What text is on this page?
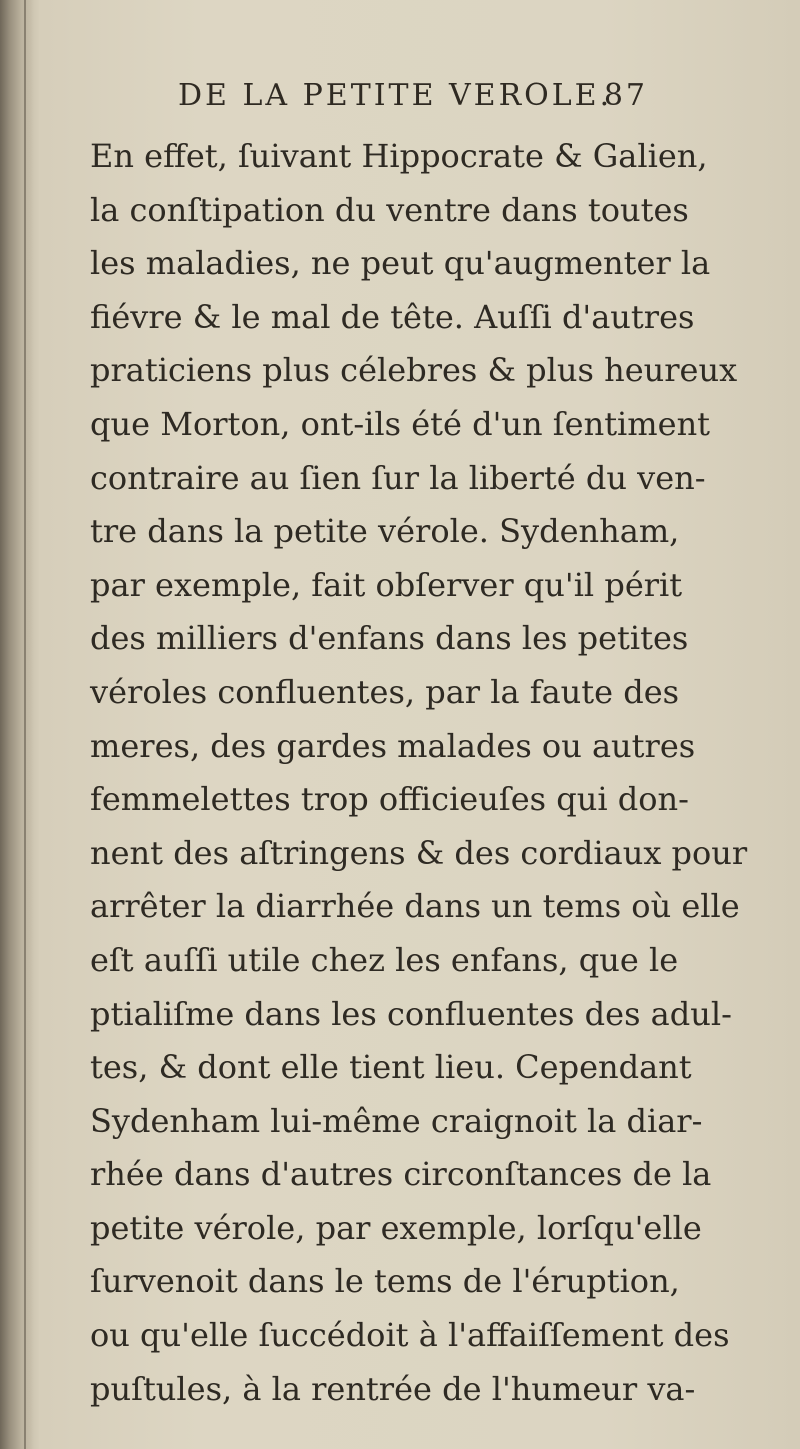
DE LA PETITE VEROLE.
87
En effet, ſuivant Hippocrate & Galien,
la conſtipation du ventre dans toutes
les maladies, ne peut qu'augmenter la
fiévre & le mal de tête. Auſſi d'autres
praticiens plus célebres & plus heureux
que Morton, ont-ils été d'un ſentiment
contraire au ſien ſur la liberté du ven-
tre dans la petite vérole. Sydenham,
par exemple, fait obſerver qu'il périt
des milliers d'enfans dans les petites
véroles confluentes, par la faute des
meres, des gardes malades ou autres
femmelettes trop officieuſes qui don-
nent des aſtringens & des cordiaux pour
arrêter la diarrhée dans un tems où elle
eſt auſſi utile chez les enfans, que le
ptialiſme dans les confluentes des adul-
tes, & dont elle tient lieu. Cependant
Sydenham lui-même craignoit la diar-
rhée dans d'autres circonſtances de la
petite vérole, par exemple, lorſqu'elle
ſurvenoit dans le tems de l'éruption,
ou qu'elle ſuccédoit à l'affaiſſement des
puſtules, à la rentrée de l'humeur va-
